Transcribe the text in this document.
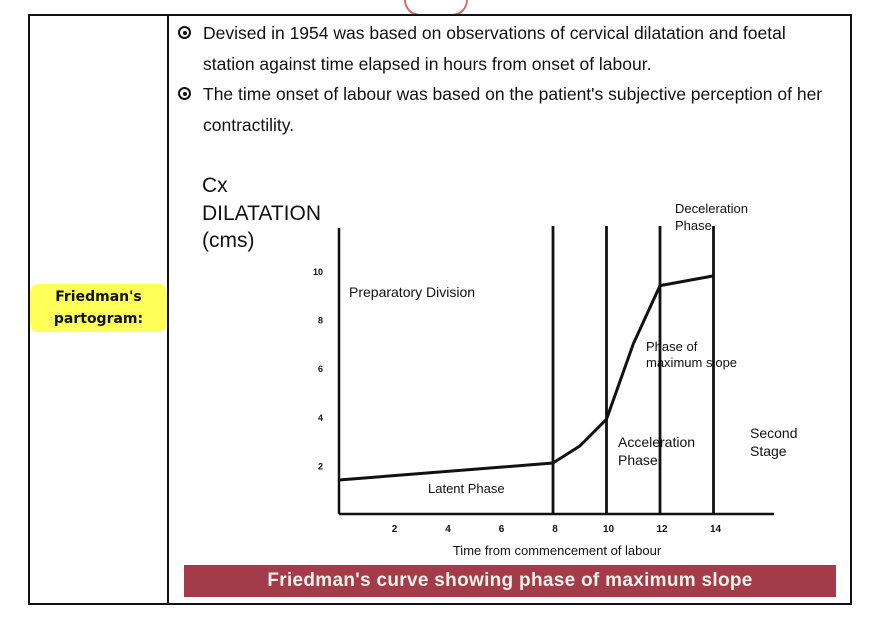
Friedman's partogram:
Devised in 1954 was based on observations of cervical dilatation and foetal station against time elapsed in hours from onset of labour.
The time onset of labour was based on the patient's subjective perception of her contractility.
2
4
6
8
10
2	4	6	8	10	12	14
Cx
DILATATION
(cms)
Time from commencement of labour
Preparatory Division
Latent Phase
Acceleration
Phase
Phase of
maximum slope
Deceleration
Phase
Second
Stage
Friedman's curve showing phase of maximum slope
